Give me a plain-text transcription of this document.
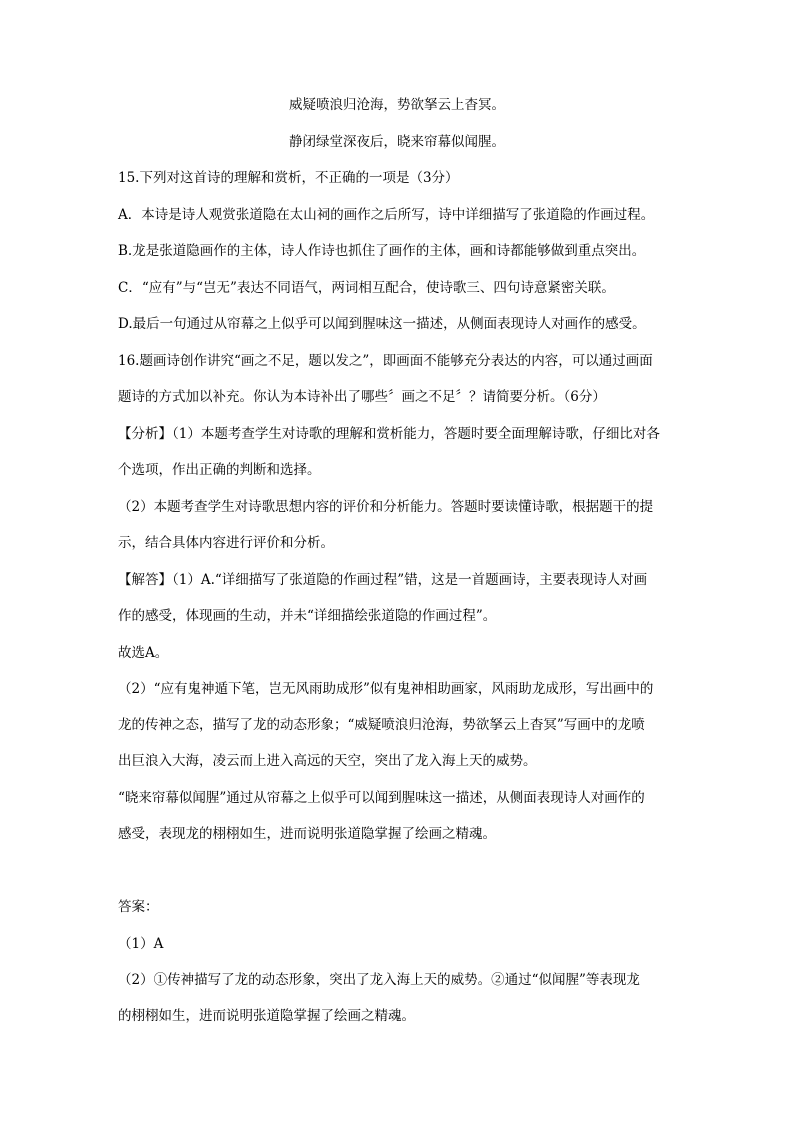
威疑喷浪归沧海，势欲拏云上杳冥。
静闭绿堂深夜后，晓来帘幕似闻腥。
15.下列对这首诗的理解和赏析，不正确的一项是（3分）
A．本诗是诗人观赏张道隐在太山祠的画作之后所写，诗中详细描写了张道隐的作画过程。
B.龙是张道隐画作的主体，诗人作诗也抓住了画作的主体，画和诗都能够做到重点突出。
C．“应有”与“岂无”表达不同语气，两词相互配合，使诗歌三、四句诗意紧密关联。
D.最后一句通过从帘幕之上似乎可以闻到腥味这一描述，从侧面表现诗人对画作的感受。
16.题画诗创作讲究“画之不足，题以发之”，即画面不能够充分表达的内容，可以通过画面
题诗的方式加以补充。你认为本诗补出了哪些〞画之不足〞？请简要分析。（6分）
【分析】（1）本题考查学生对诗歌的理解和赏析能力，答题时要全面理解诗歌，仔细比对各
个选项，作出正确的判断和选择。
（2）本题考查学生对诗歌思想内容的评价和分析能力。答题时要读懂诗歌，根据题干的提
示，结合具体内容进行评价和分析。
【解答】（1）A.“详细描写了张道隐的作画过程”错，这是一首题画诗，主要表现诗人对画
作的感受，体现画的生动，并未“详细描绘张道隐的作画过程”。
故选A。
（2）“应有鬼神遁下笔，岂无风雨助成形”似有鬼神相助画家，风雨助龙成形，写出画中的
龙的传神之态，描写了龙的动态形象；“威疑喷浪归沧海，势欲拏云上杳冥”写画中的龙喷
出巨浪入大海，凌云而上进入高远的天空，突出了龙入海上天的威势。
“晓来帘幕似闻腥”通过从帘幕之上似乎可以闻到腥味这一描述，从侧面表现诗人对画作的
感受，表现龙的栩栩如生，进而说明张道隐掌握了绘画之精魂。
答案：
（1）A
（2）①传神描写了龙的动态形象，突出了龙入海上天的威势。②通过“似闻腥”等表现龙
的栩栩如生，进而说明张道隐掌握了绘画之精魂。
